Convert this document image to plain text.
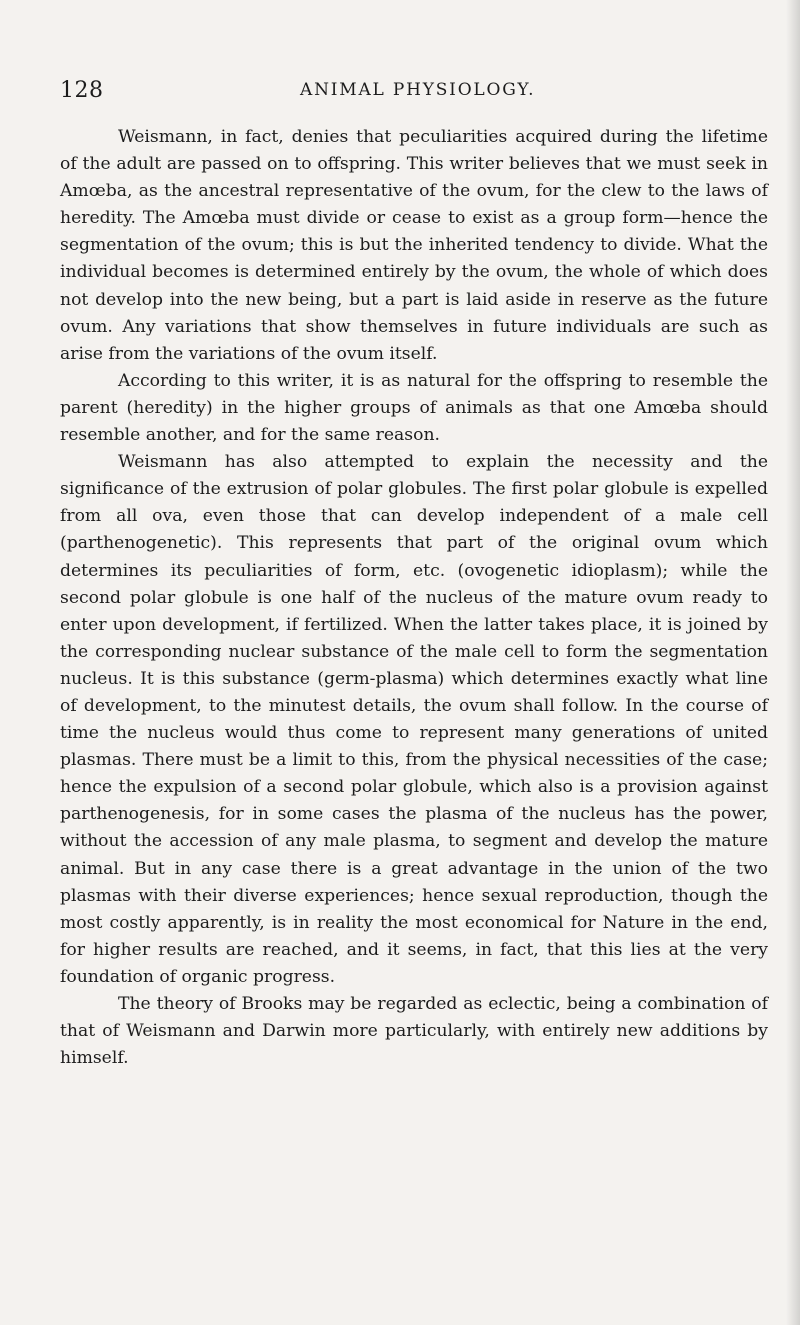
128	ANIMAL PHYSIOLOGY.

Weismann, in fact, denies that peculiarities acquired during the lifetime of the adult are passed on to offspring. This writer believes that we must seek in Amœba, as the ancestral representative of the ovum, for the clew to the laws of heredity. The Amœba must divide or cease to exist as a group form—hence the segmentation of the ovum; this is but the inherited tendency to divide. What the individual becomes is determined entirely by the ovum, the whole of which does not develop into the new being, but a part is laid aside in reserve as the future ovum. Any variations that show themselves in future individuals are such as arise from the variations of the ovum itself.

According to this writer, it is as natural for the offspring to resemble the parent (heredity) in the higher groups of animals as that one Amœba should resemble another, and for the same reason.

Weismann has also attempted to explain the necessity and the significance of the extrusion of polar globules. The first polar globule is expelled from all ova, even those that can develop independent of a male cell (parthenogenetic). This represents that part of the original ovum which determines its peculiarities of form, etc. (ovogenetic idioplasm); while the second polar globule is one half of the nucleus of the mature ovum ready to enter upon development, if fertilized. When the latter takes place, it is joined by the corresponding nuclear substance of the male cell to form the segmentation nucleus. It is this substance (germ-plasma) which determines exactly what line of development, to the minutest details, the ovum shall follow. In the course of time the nucleus would thus come to represent many generations of united plasmas. There must be a limit to this, from the physical necessities of the case; hence the expulsion of a second polar globule, which also is a provision against parthenogenesis, for in some cases the plasma of the nucleus has the power, without the accession of any male plasma, to segment and develop the mature animal. But in any case there is a great advantage in the union of the two plasmas with their diverse experiences; hence sexual reproduction, though the most costly apparently, is in reality the most economical for Nature in the end, for higher results are reached, and it seems, in fact, that this lies at the very foundation of organic progress.

The theory of Brooks may be regarded as eclectic, being a combination of that of Weismann and Darwin more particularly, with entirely new additions by himself.
